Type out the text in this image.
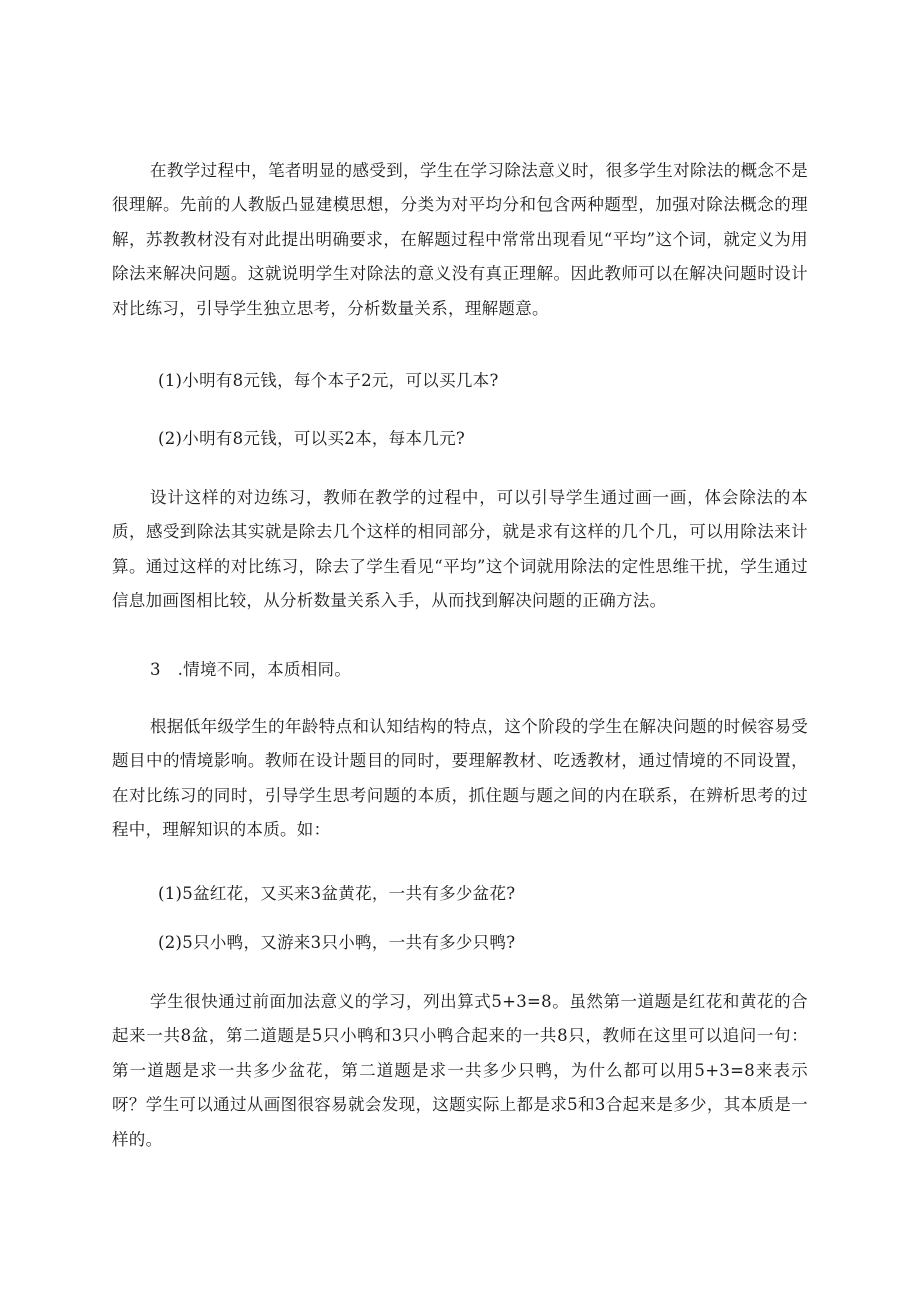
在教学过程中，笔者明显的感受到，学生在学习除法意义时，很多学生对除法的概念不是很理解。先前的人教版凸显建模思想，分类为对平均分和包含两种题型，加强对除法概念的理解，苏教教材没有对此提出明确要求，在解题过程中常常出现看见“平均”这个词，就定义为用除法来解决问题。这就说明学生对除法的意义没有真正理解。因此教师可以在解决问题时设计对比练习，引导学生独立思考，分析数量关系，理解题意。

(1)小明有8元钱，每个本子2元，可以买几本?

(2)小明有8元钱，可以买2本，每本几元?

设计这样的对边练习，教师在教学的过程中，可以引导学生通过画一画，体会除法的本质，感受到除法其实就是除去几个这样的相同部分，就是求有这样的几个几，可以用除法来计算。通过这样的对比练习，除去了学生看见“平均”这个词就用除法的定性思维干扰，学生通过信息加画图相比较，从分析数量关系入手，从而找到解决问题的正确方法。

3　.情境不同，本质相同。

根据低年级学生的年龄特点和认知结构的特点，这个阶段的学生在解决问题的时候容易受题目中的情境影响。教师在设计题目的同时，要理解教材、吃透教材，通过情境的不同设置，在对比练习的同时，引导学生思考问题的本质，抓住题与题之间的内在联系，在辨析思考的过程中，理解知识的本质。如：

(1)5盆红花，又买来3盆黄花，一共有多少盆花?

(2)5只小鸭，又游来3只小鸭，一共有多少只鸭?

学生很快通过前面加法意义的学习，列出算式5+3=8。虽然第一道题是红花和黄花的合起来一共8盆，第二道题是5只小鸭和3只小鸭合起来的一共8只，教师在这里可以追问一句：第一道题是求一共多少盆花，第二道题是求一共多少只鸭，为什么都可以用5+3=8来表示呀？学生可以通过从画图很容易就会发现，这题实际上都是求5和3合起来是多少，其本质是一样的。
